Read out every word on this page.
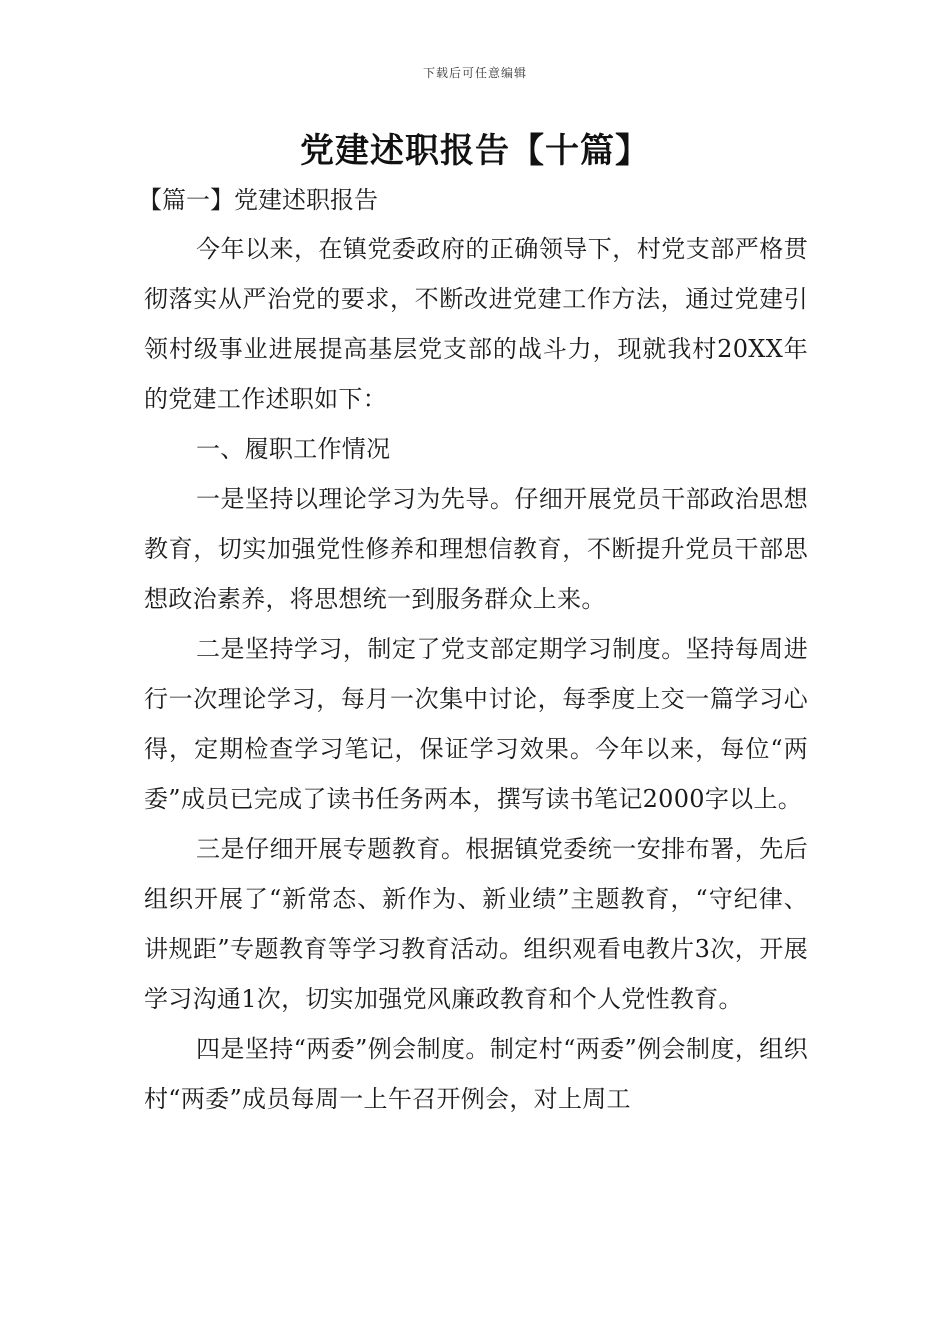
下载后可任意编辑
党建述职报告【十篇】

【篇一】党建述职报告

今年以来，在镇党委政府的正确领导下，村党支部严格贯彻落实从严治党的要求，不断改进党建工作方法，通过党建引领村级事业进展提高基层党支部的战斗力，现就我村20XX年的党建工作述职如下：

一、履职工作情况

一是坚持以理论学习为先导。仔细开展党员干部政治思想教育，切实加强党性修养和理想信教育，不断提升党员干部思想政治素养，将思想统一到服务群众上来。

二是坚持学习，制定了党支部定期学习制度。坚持每周进行一次理论学习，每月一次集中讨论，每季度上交一篇学习心得，定期检查学习笔记，保证学习效果。今年以来，每位“两委”成员已完成了读书任务两本，撰写读书笔记2000字以上。

三是仔细开展专题教育。根据镇党委统一安排布署，先后组织开展了“新常态、新作为、新业绩”主题教育，“守纪律、讲规距”专题教育等学习教育活动。组织观看电教片3次，开展学习沟通1次，切实加强党风廉政教育和个人党性教育。

四是坚持“两委”例会制度。制定村“两委”例会制度，组织村“两委”成员每周一上午召开例会，对上周工
